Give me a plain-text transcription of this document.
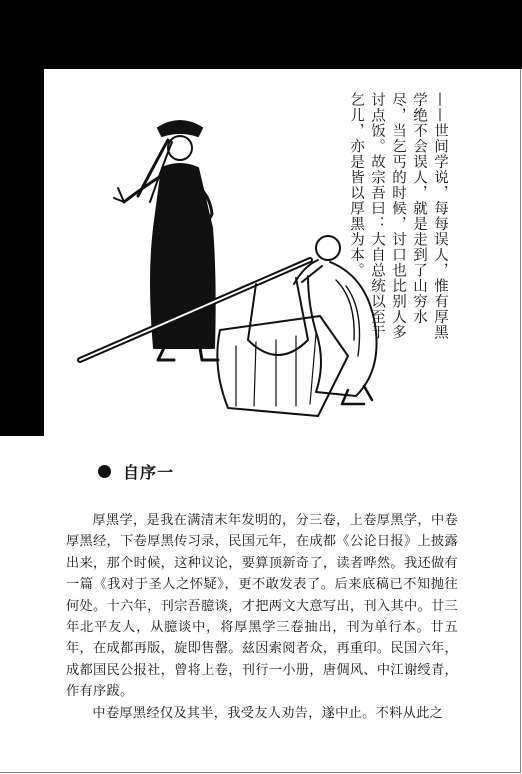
——世间学说，每每误人，惟有厚黑学绝不会误人，就是走到了山穷水尽，当乞丐的时候，讨口也比别人多讨点饭。故宗吾曰：大自总统以至于乞儿，亦是皆以厚黑为本。
自序一

厚黑学，是我在满清末年发明的，分三卷，上卷厚黑学，中卷厚黑经，下卷厚黑传习录，民国元年，在成都《公论日报》上披露出来，那个时候，这种议论，要算顶新奇了，读者哗然。我还做有一篇《我对于圣人之怀疑》，更不敢发表了。后来底稿已不知抛往何处。十六年，刊宗吾臆谈，才把两文大意写出，刊入其中。廿三年北平友人，从臆谈中，将厚黑学三卷抽出，刊为单行本。廿五年，在成都再版，旋即售罄。兹因索阅者众，再重印。民国六年，成都国民公报社，曾将上卷，刊行一小册，唐倜风、中江谢绶青，作有序跋。

中卷厚黑经仅及其半，我受友人劝告，遂中止。不料从此之
